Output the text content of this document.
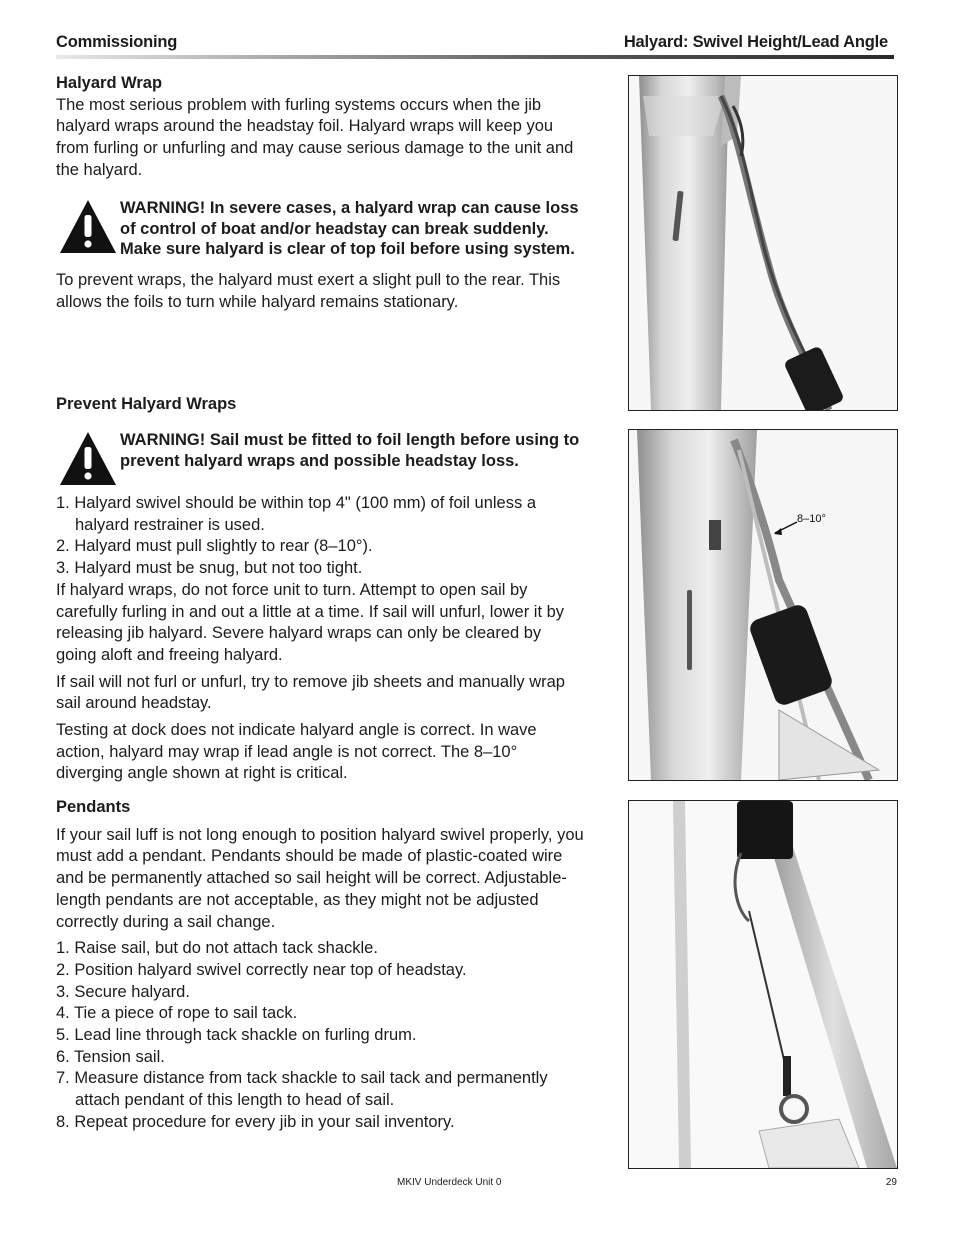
Commissioning	Halyard: Swivel Height/Lead Angle
Halyard Wrap

The most serious problem with furling systems occurs when the jib halyard wraps around the headstay foil. Halyard wraps will keep you from furling or unfurling and may cause serious damage to the unit and the halyard.

WARNING! In severe cases, a halyard wrap can cause loss of control of boat and/or headstay can break suddenly. Make sure halyard is clear of top foil before using system.

To prevent wraps, the halyard must exert a slight pull to the rear. This allows the foils to turn while halyard remains stationary.

Prevent Halyard Wraps
WARNING! Sail must be fitted to foil length before using to prevent halyard wraps and possible headstay loss.
1. Halyard swivel should be within top 4" (100 mm) of foil unless a halyard restrainer is used.
2. Halyard must pull slightly to rear (8–10°).
3. Halyard must be snug, but not too tight.

If halyard wraps, do not force unit to turn. Attempt to open sail by carefully furling in and out a little at a time. If sail will unfurl, lower it by releasing jib halyard. Severe halyard wraps can only be cleared by going aloft and freeing halyard.

If sail will not furl or unfurl, try to remove jib sheets and manually wrap sail around headstay.

Testing at dock does not indicate halyard angle is correct. In wave action, halyard may wrap if lead angle is not correct. The 8–10° diverging angle shown at right is critical.

Pendants

If your sail luff is not long enough to position halyard swivel properly, you must add a pendant. Pendants should be made of plastic-coated wire and be permanently attached so sail height will be correct. Adjustable-length pendants are not acceptable, as they might not be adjusted correctly during a sail change.

1. Raise sail, but do not attach tack shackle.
2. Position halyard swivel correctly near top of headstay.
3. Secure halyard.
4. Tie a piece of rope to sail tack.
5. Lead line through tack shackle on furling drum.
6. Tension sail.
7. Measure distance from tack shackle to sail tack and permanently attach pendant of this length to head of sail.
8. Repeat procedure for every jib in your sail inventory.
8–10°
MKIV Underdeck Unit 0	29
